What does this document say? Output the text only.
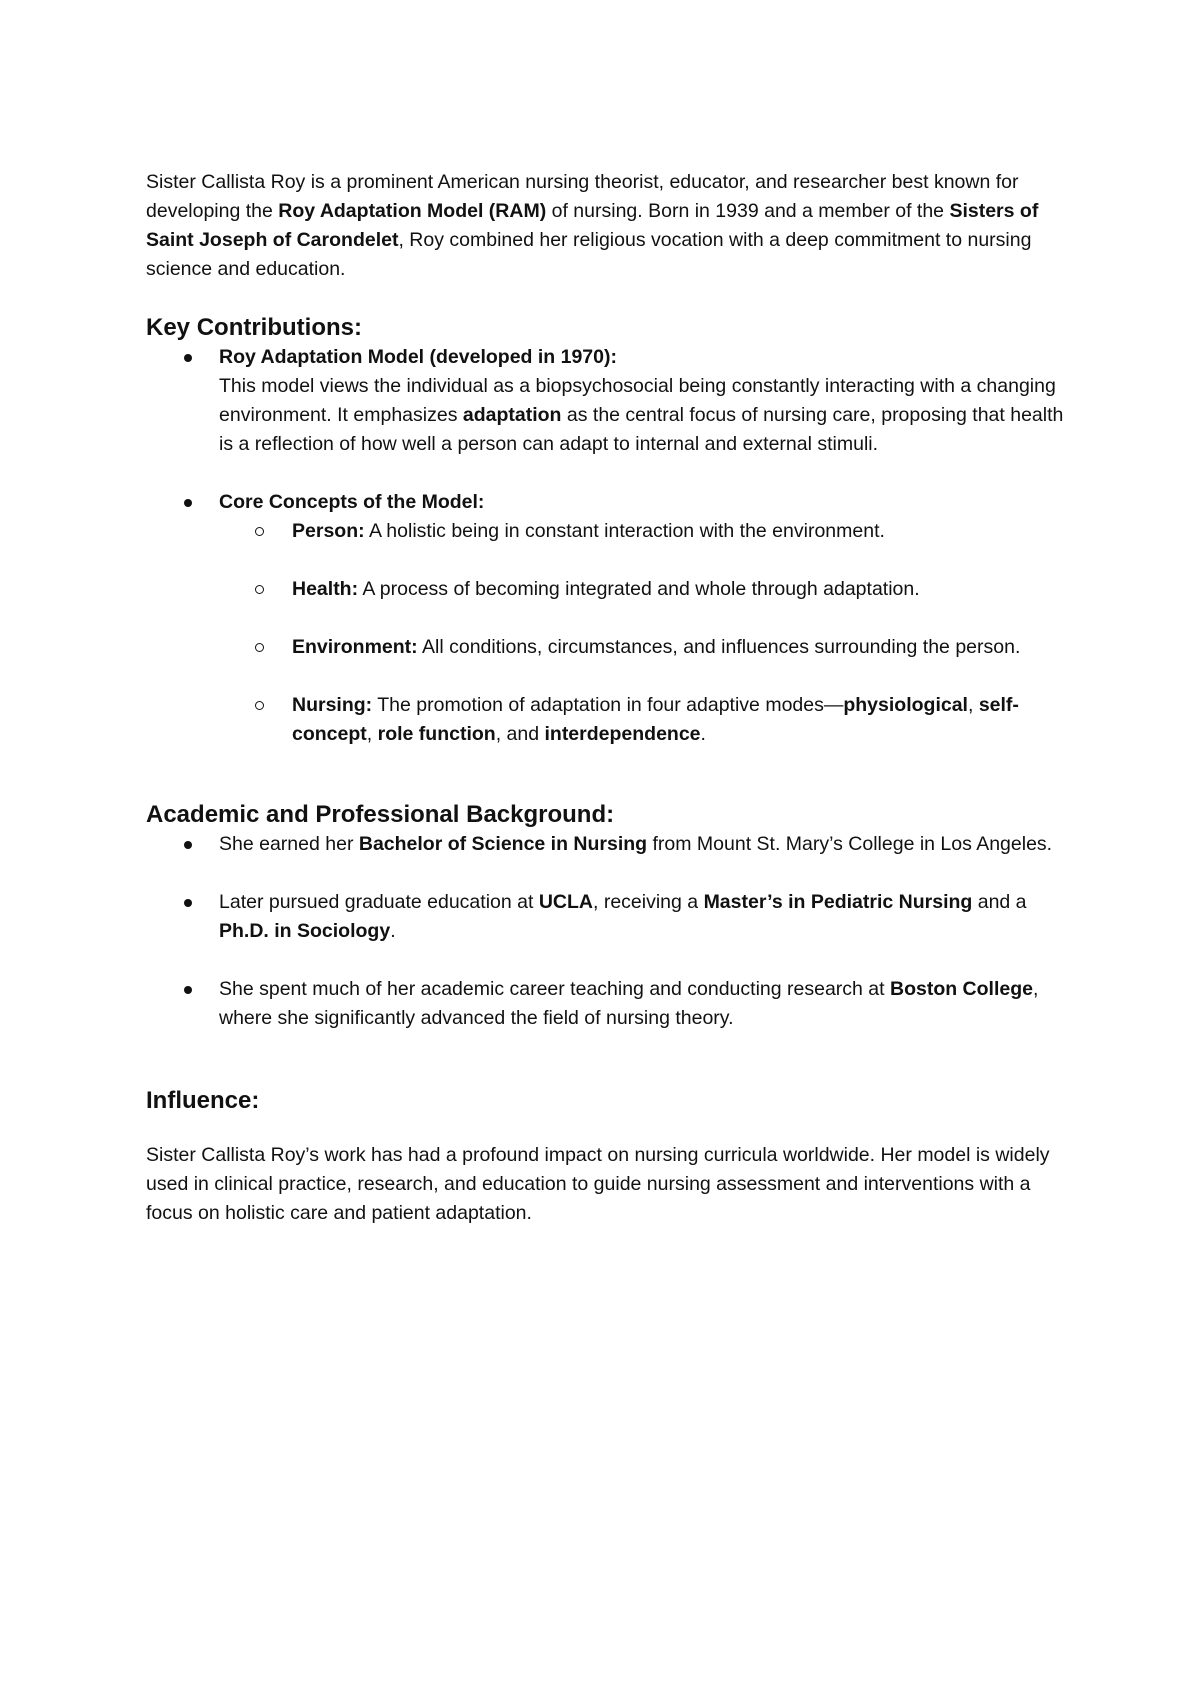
Sister Callista Roy is a prominent American nursing theorist, educator, and researcher best known for developing the Roy Adaptation Model (RAM) of nursing. Born in 1939 and a member of the Sisters of Saint Joseph of Carondelet, Roy combined her religious vocation with a deep commitment to nursing science and education.

Key Contributions:
Roy Adaptation Model (developed in 1970):
This model views the individual as a biopsychosocial being constantly interacting with a changing environment. It emphasizes adaptation as the central focus of nursing care, proposing that health is a reflection of how well a person can adapt to internal and external stimuli.
Core Concepts of the Model:
Person: A holistic being in constant interaction with the environment.
Health: A process of becoming integrated and whole through adaptation.
Environment: All conditions, circumstances, and influences surrounding the person.
Nursing: The promotion of adaptation in four adaptive modes—physiological, self-concept, role function, and interdependence.
Academic and Professional Background:
She earned her Bachelor of Science in Nursing from Mount St. Mary’s College in Los Angeles.
Later pursued graduate education at UCLA, receiving a Master’s in Pediatric Nursing and a Ph.D. in Sociology.
She spent much of her academic career teaching and conducting research at Boston College, where she significantly advanced the field of nursing theory.
Influence:

Sister Callista Roy’s work has had a profound impact on nursing curricula worldwide. Her model is widely used in clinical practice, research, and education to guide nursing assessment and interventions with a focus on holistic care and patient adaptation.
